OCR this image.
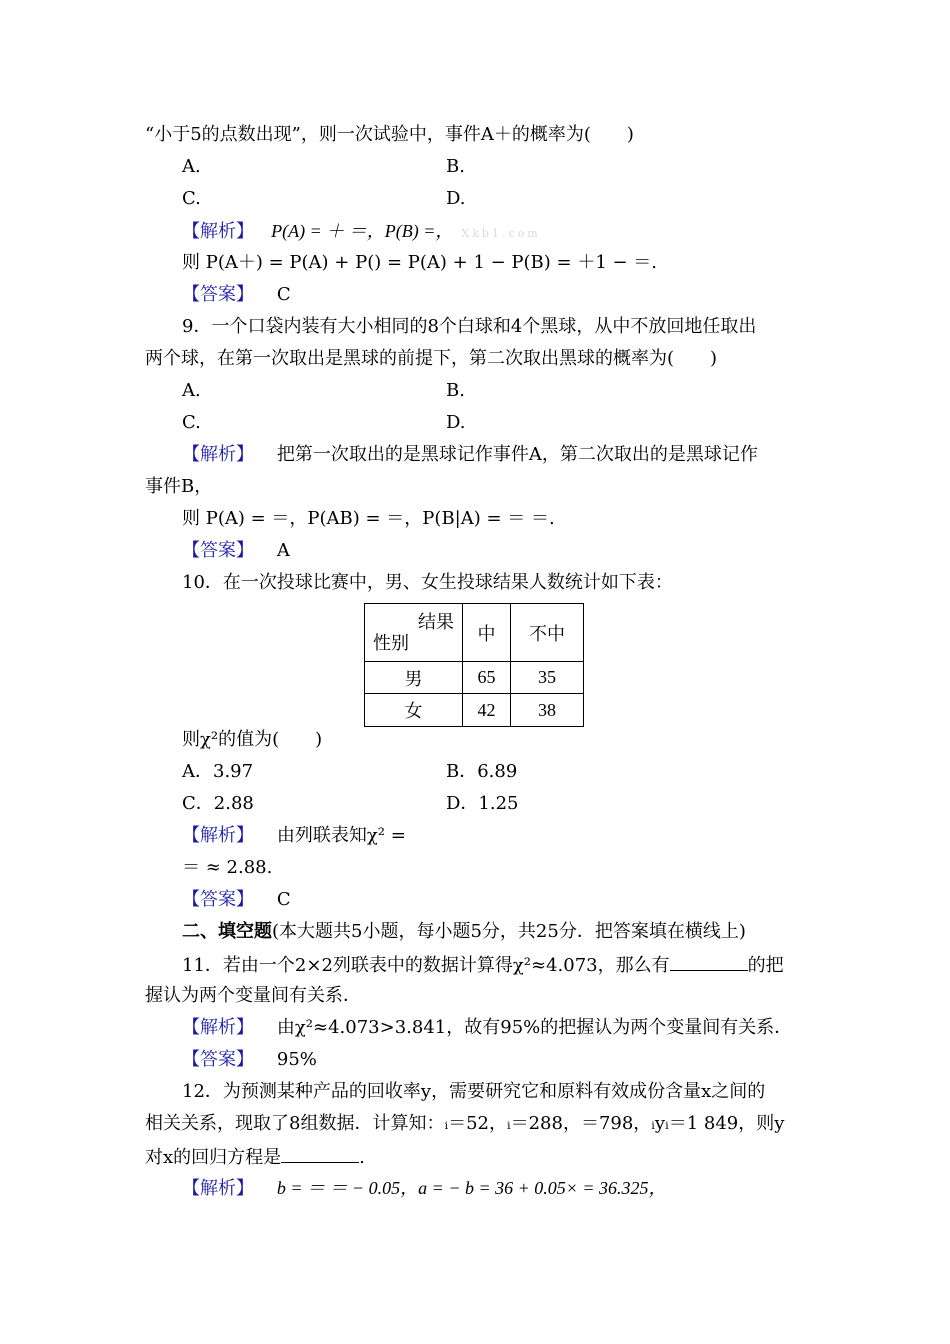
“小于5的点数出现”，则一次试验中，事件A＋的概率为(　　)
A.	B.
C.	D.
【解析】 P(A) = ＋ ＝，P(B) =， Xkb1.com
则 P(A＋) = P(A) + P() = P(A) + 1 − P(B) = ＋1 − ＝.
【答案】 C
9．一个口袋内装有大小相同的8个白球和4个黑球，从中不放回地任取出
两个球，在第一次取出是黑球的前提下，第二次取出黑球的概率为(　　)
A.	B.
C.	D.
【解析】 把第一次取出的是黑球记作事件A，第二次取出的是黑球记作
事件B，
则 P(A) = ＝，P(AB) = ＝，P(B|A) = ＝ ＝.
【答案】 A
10．在一次投球比赛中，男、女生投球结果人数统计如下表：
结果
性别	中	不中
男	65	35
女	42	38
则χ²的值为(　　)
A．3.97	B．6.89
C．2.88	D．1.25
【解析】 由列联表知χ² =
＝ ≈ 2.88.
【答案】 C
二、填空题(本大题共5小题，每小题5分，共25分．把答案填在横线上)
11．若由一个2×2列联表中的数据计算得χ²≈4.073，那么有	的把
握认为两个变量间有关系．
【解析】 由χ²≈4.073>3.841，故有95%的把握认为两个变量间有关系．
【答案】 95%
12．为预测某种产品的回收率y，需要研究它和原料有效成份含量x之间的
相关关系，现取了8组数据．计算知：ᵢ＝52，ᵢ＝288，＝798，ᵢyᵢ＝1 849，则y
对x的回归方程是	.
【解析】 b = ＝ ＝ − 0.05，a = − b = 36 + 0.05× = 36.325，
